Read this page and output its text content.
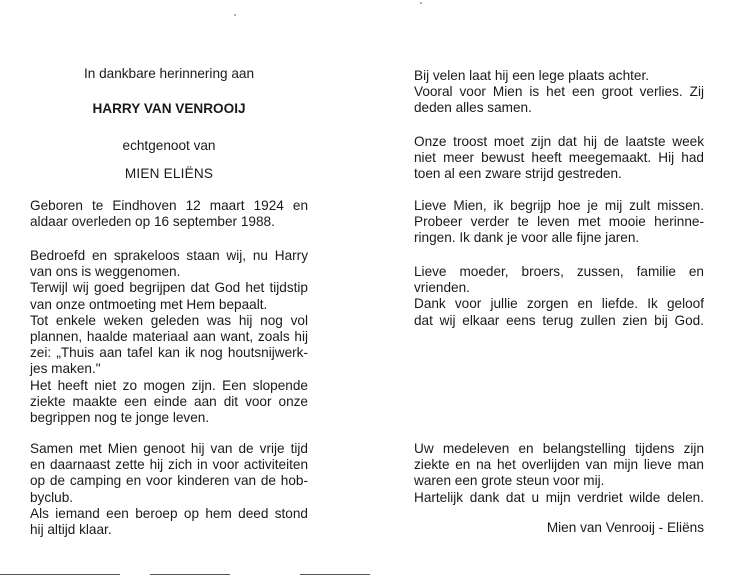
In dankbare herinnering aan
HARRY VAN VENROOIJ
echtgenoot van
MIEN ELIËNS
Geboren te Eindhoven 12 maart 1924 en
aldaar overleden op 16 september 1988.
Bedroefd en sprakeloos staan wij, nu Harry
van ons is weggenomen.
Terwijl wij goed begrijpen dat God het tijdstip
van onze ontmoeting met Hem bepaalt.
Tot enkele weken geleden was hij nog vol
plannen, haalde materiaal aan want, zoals hij
zei: „Thuis aan tafel kan ik nog houtsnijwerk-
jes maken."
Het heeft niet zo mogen zijn. Een slopende
ziekte maakte een einde aan dit voor onze
begrippen nog te jonge leven.
Samen met Mien genoot hij van de vrije tijd
en daarnaast zette hij zich in voor activiteiten
op de camping en voor kinderen van de hob-
byclub.
Als iemand een beroep op hem deed stond
hij altijd klaar.
Bij velen laat hij een lege plaats achter.
Vooral voor Mien is het een groot verlies. Zij
deden alles samen.
Onze troost moet zijn dat hij de laatste week
niet meer bewust heeft meegemaakt. Hij had
toen al een zware strijd gestreden.
Lieve Mien, ik begrijp hoe je mij zult missen.
Probeer verder te leven met mooie herinne-
ringen. Ik dank je voor alle fijne jaren.
Lieve moeder, broers, zussen, familie en
vrienden.
Dank voor jullie zorgen en liefde. Ik geloof
dat wij elkaar eens terug zullen zien bij God.
Uw medeleven en belangstelling tijdens zijn
ziekte en na het overlijden van mijn lieve man
waren een grote steun voor mij.
Hartelijk dank dat u mijn verdriet wilde delen.
Mien van Venrooij - Eliëns
